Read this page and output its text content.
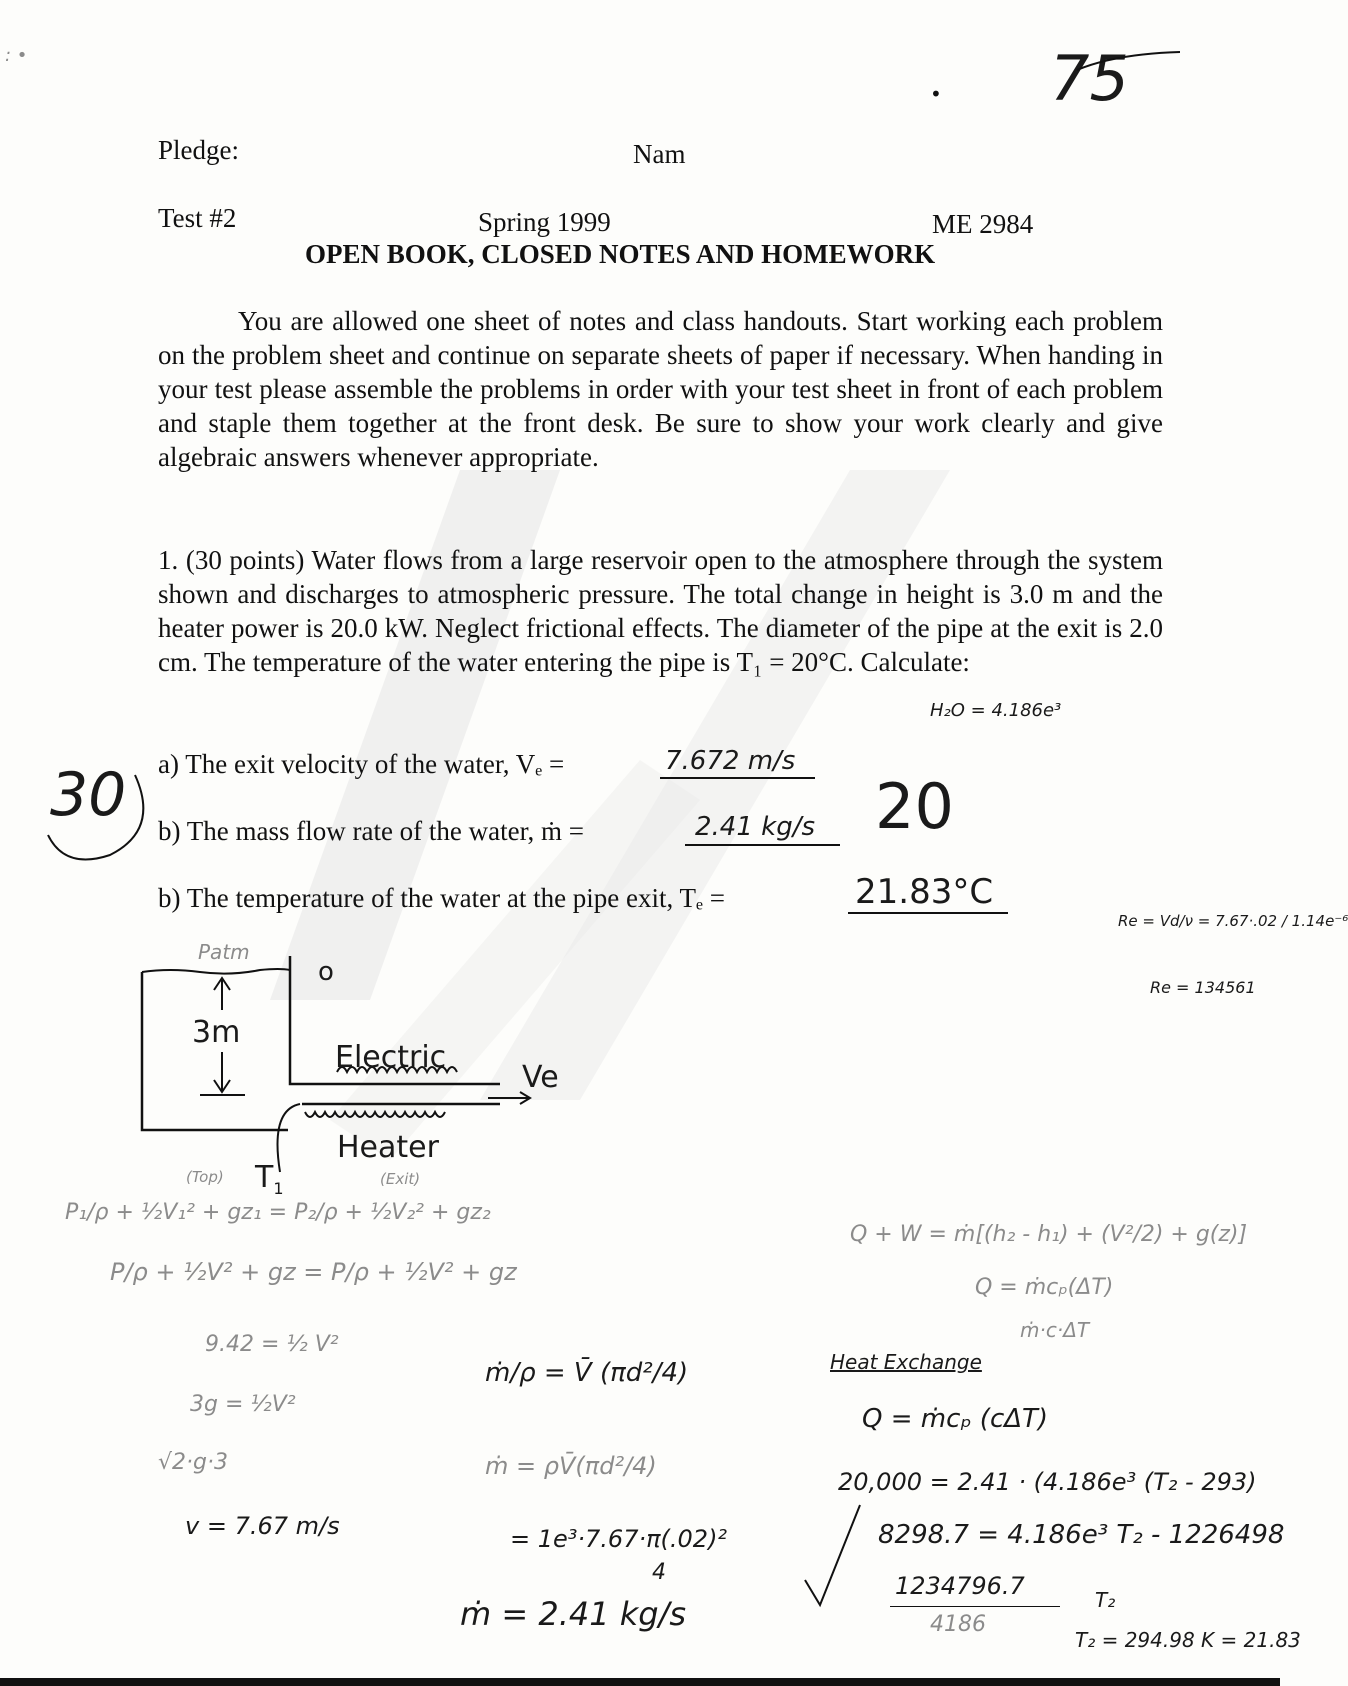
: •
• 75
Pledge:	Nam
Test #2	Spring 1999	ME 2984
OPEN BOOK, CLOSED NOTES AND HOMEWORK
You are allowed one sheet of notes and class handouts. Start working each problem on the problem sheet and continue on separate sheets of paper if necessary. When handing in your test please assemble the problems in order with your test sheet in front of each problem and staple them together at the front desk. Be sure to show your work clearly and give algebraic answers whenever appropriate.
1. (30 points) Water flows from a large reservoir open to the atmosphere through the system shown and discharges to atmospheric pressure. The total change in height is 3.0 m and the heater power is 20.0 kW. Neglect frictional effects. The diameter of the pipe at the exit is 2.0 cm. The temperature of the water entering the pipe is T₁ = 20°C. Calculate:
H₂O = 4.186e³
30	20
a) The exit velocity of the water, Vₑ =	7.672 m/s
b) The mass flow rate of the water, ṁ =	2.41 kg/s
b) The temperature of the water at the pipe exit, Tₑ =	21.83°C
Re = Vd/ν = 7.67·.02 / 1.14e⁻⁶
Re = 134561
Patm
o
3m
Electric
Ve
Heater
$T_1$
(Top)	(Exit)
P₁/ρ + ½V₁² + gz₁ = P₂/ρ + ½V₂² + gz₂
P/ρ + ½V² + gz = P/ρ + ½V² + gz
9.42 = ½ V²
3g = ½V²
√2·g·3
v = 7.67 m/s
ṁ/ρ = V̄ (πd²/4)
ṁ = ρV̄(πd²/4)
= 1e³·7.67·π(.02)²
4
ṁ = 2.41 kg/s
Q + W = ṁ[(h₂ - h₁) + (V²/2) + g(z)]
Q = ṁcₚ(ΔT)
ṁ·c·ΔT
Heat Exchange
Q = ṁcₚ (cΔT)
20,000 = 2.41 · (4.186e³ (T₂ - 293)
8298.7 = 4.186e³ T₂ - 1226498
1234796.7
4186
T₂
T₂ = 294.98 K = 21.83
